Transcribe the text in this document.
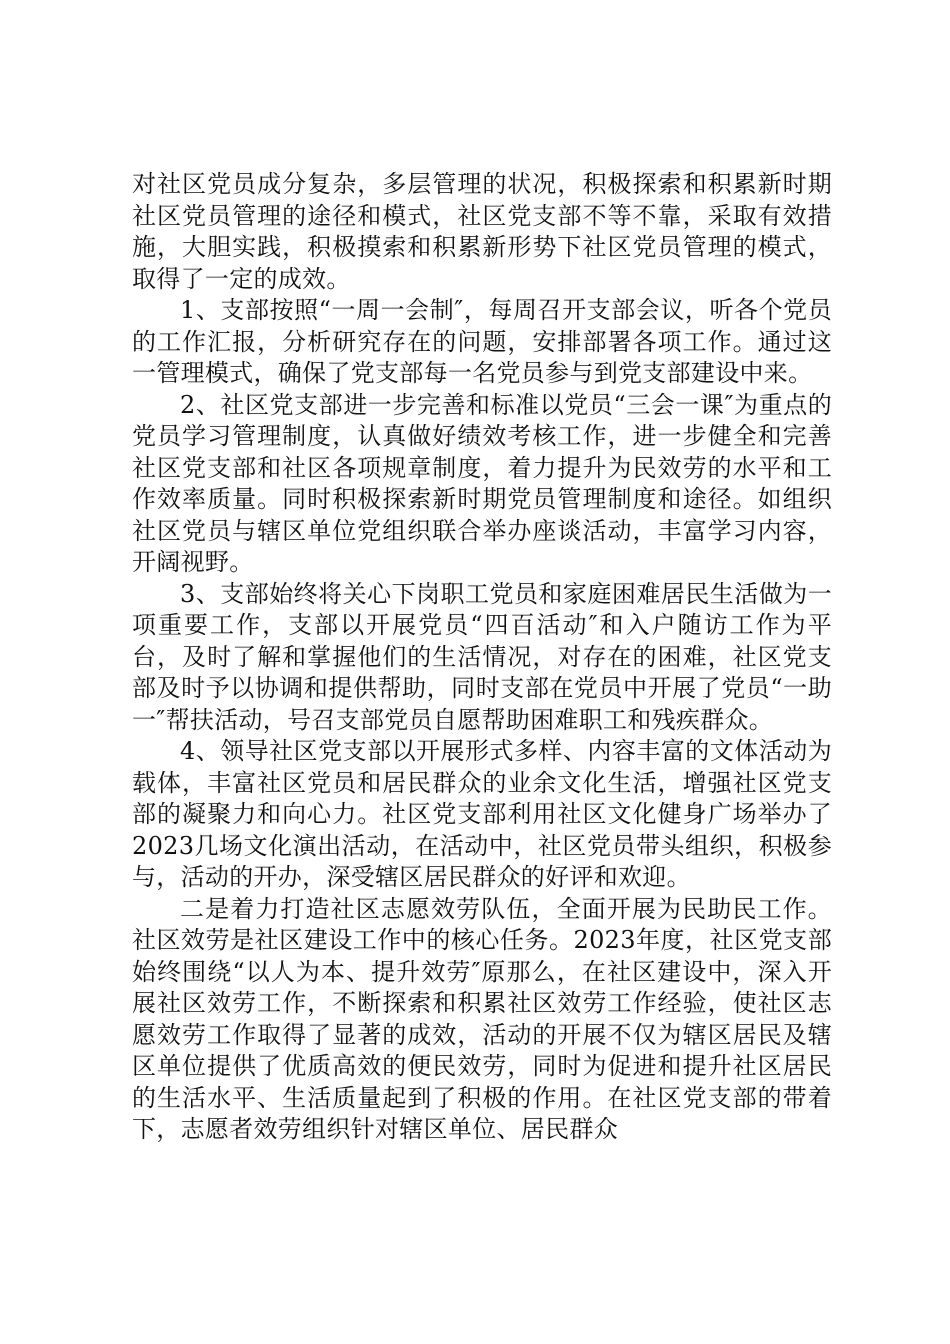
对社区党员成分复杂，多层管理的状况，积极探索和积累新时期社区党员管理的途径和模式，社区党支部不等不靠，采取有效措施，大胆实践，积极摸索和积累新形势下社区党员管理的模式，取得了一定的成效。

1、支部按照“一周一会制″，每周召开支部会议，听各个党员的工作汇报，分析研究存在的问题，安排部署各项工作。通过这一管理模式，确保了党支部每一名党员参与到党支部建设中来。

2、社区党支部进一步完善和标准以党员“三会一课″为重点的党员学习管理制度，认真做好绩效考核工作，进一步健全和完善社区党支部和社区各项规章制度，着力提升为民效劳的水平和工作效率质量。同时积极探索新时期党员管理制度和途径。如组织社区党员与辖区单位党组织联合举办座谈活动，丰富学习内容，开阔视野。

3、支部始终将关心下岗职工党员和家庭困难居民生活做为一项重要工作，支部以开展党员“四百活动″和入户随访工作为平台，及时了解和掌握他们的生活情况，对存在的困难，社区党支部及时予以协调和提供帮助，同时支部在党员中开展了党员“一助一″帮扶活动，号召支部党员自愿帮助困难职工和残疾群众。

4、领导社区党支部以开展形式多样、内容丰富的文体活动为载体，丰富社区党员和居民群众的业余文化生活，增强社区党支部的凝聚力和向心力。社区党支部利用社区文化健身广场举办了2023几场文化演出活动，在活动中，社区党员带头组织，积极参与，活动的开办，深受辖区居民群众的好评和欢迎。

二是着力打造社区志愿效劳队伍，全面开展为民助民工作。社区效劳是社区建设工作中的核心任务。2023年度，社区党支部始终围绕“以人为本、提升效劳″原那么，在社区建设中，深入开展社区效劳工作，不断探索和积累社区效劳工作经验，使社区志愿效劳工作取得了显著的成效，活动的开展不仅为辖区居民及辖区单位提供了优质高效的便民效劳，同时为促进和提升社区居民的生活水平、生活质量起到了积极的作用。在社区党支部的带着下，志愿者效劳组织针对辖区单位、居民群众
